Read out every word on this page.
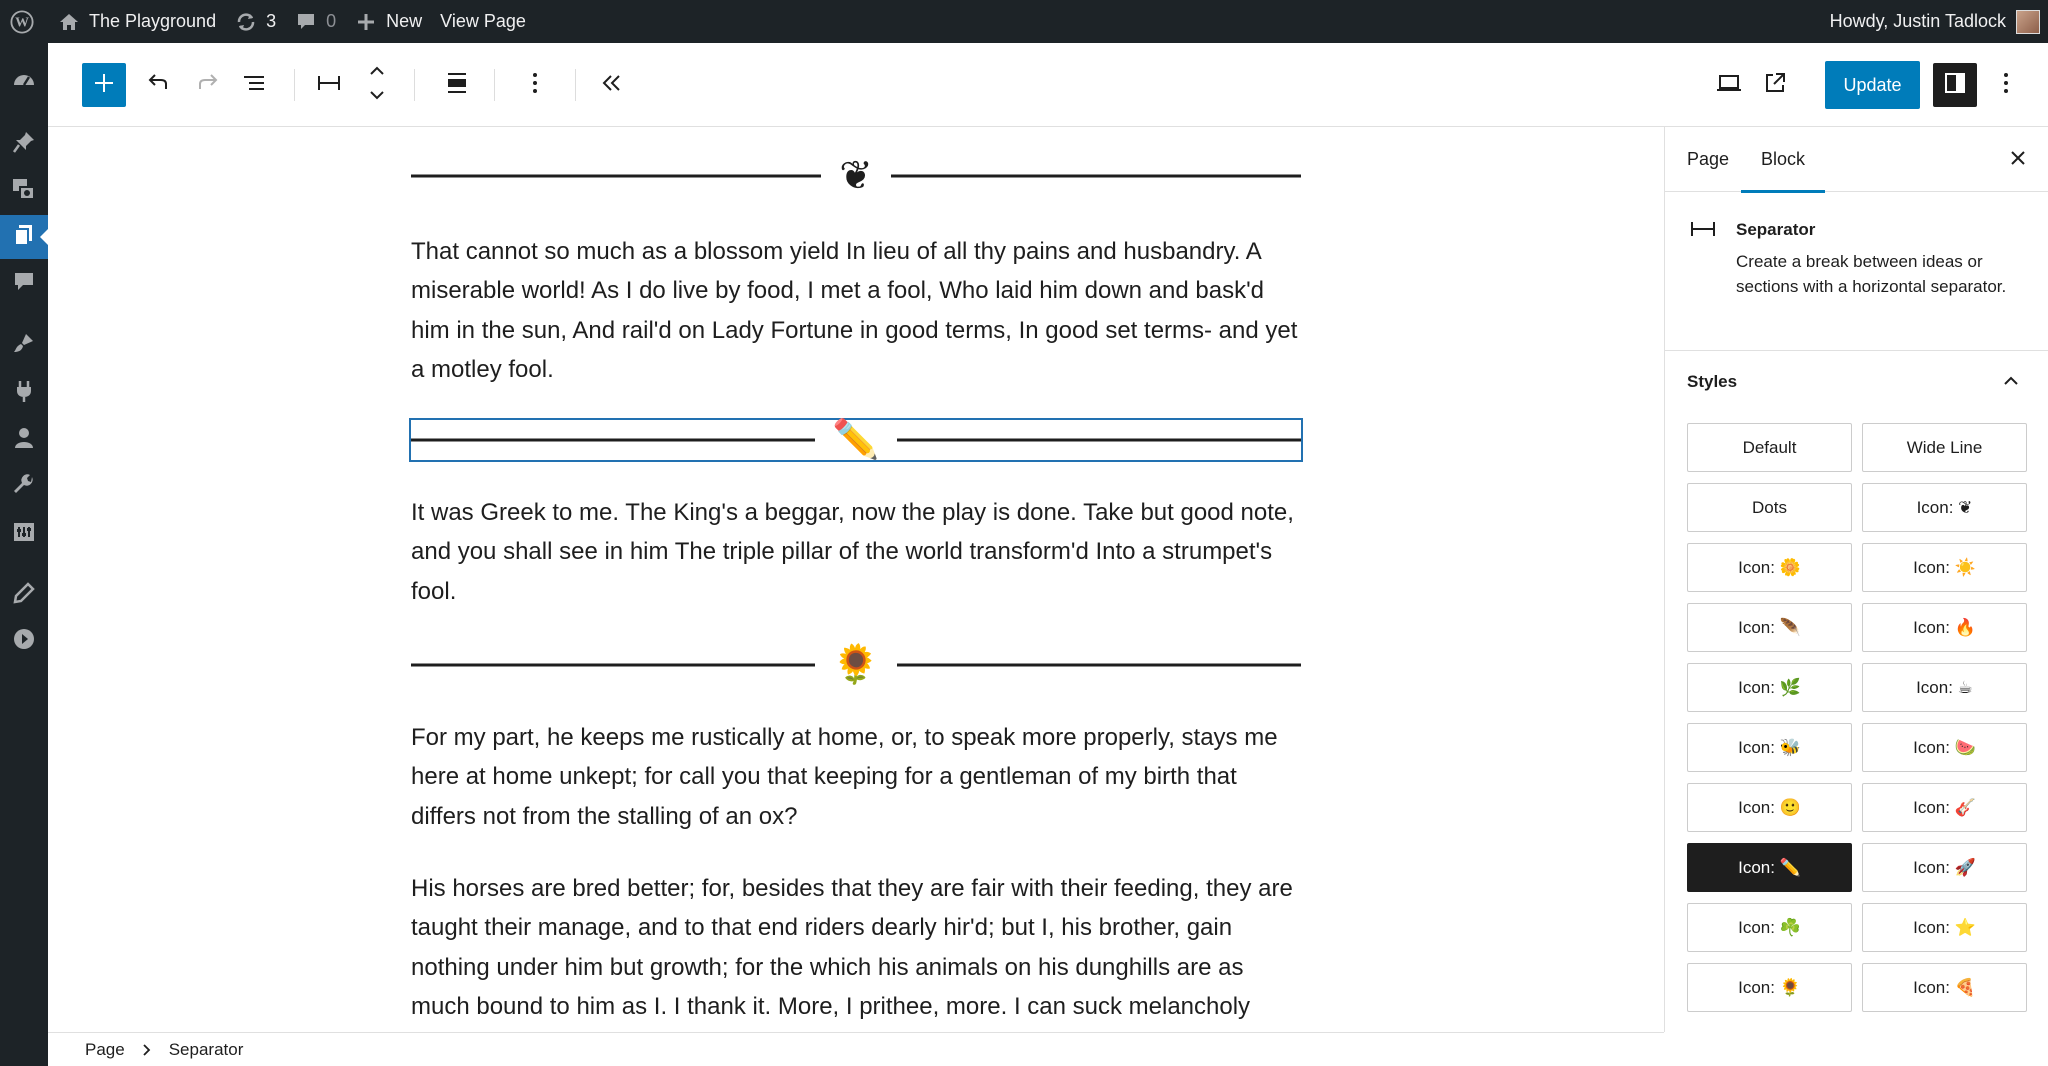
W	The Playground	3	0	New View Page	Howdy, Justin Tadlock
Update
❦

That cannot so much as a blossom yield In lieu of all thy pains and husbandry. A miserable world! As I do live by food, I met a fool, Who laid him down and bask'd him in the sun, And rail'd on Lady Fortune in good terms, In good set terms- and yet a motley fool.

✏️

It was Greek to me. The King's a beggar, now the play is done. Take but good note, and you shall see in him The triple pillar of the world transform'd Into a strumpet's fool.

🌻

For my part, he keeps me rustically at home, or, to speak more properly, stays me here at home unkept; for call you that keeping for a gentleman of my birth that differs not from the stalling of an ox?

His horses are bred better; for, besides that they are fair with their feeding, they are taught their manage, and to that end riders dearly hir'd; but I, his brother, gain nothing under him but growth; for the which his animals on his dunghills are as much bound to him as I. I thank it. More, I prithee, more. I can suck melancholy

Page Block
Separator
Create a break between ideas or sections with a horizontal separator.
Styles
Default	Wide Line
Dots	Icon: ❦
Icon: 🌼	Icon: ☀️
Icon: 🪶	Icon: 🔥
Icon: 🌿	Icon: ☕
Icon: 🐝	Icon: 🍉
Icon: 🙂	Icon: 🎸
Icon: ✏️	Icon: 🚀
Icon: ☘️	Icon: ⭐
Icon: 🌻	Icon: 🍕
Page	Separator
